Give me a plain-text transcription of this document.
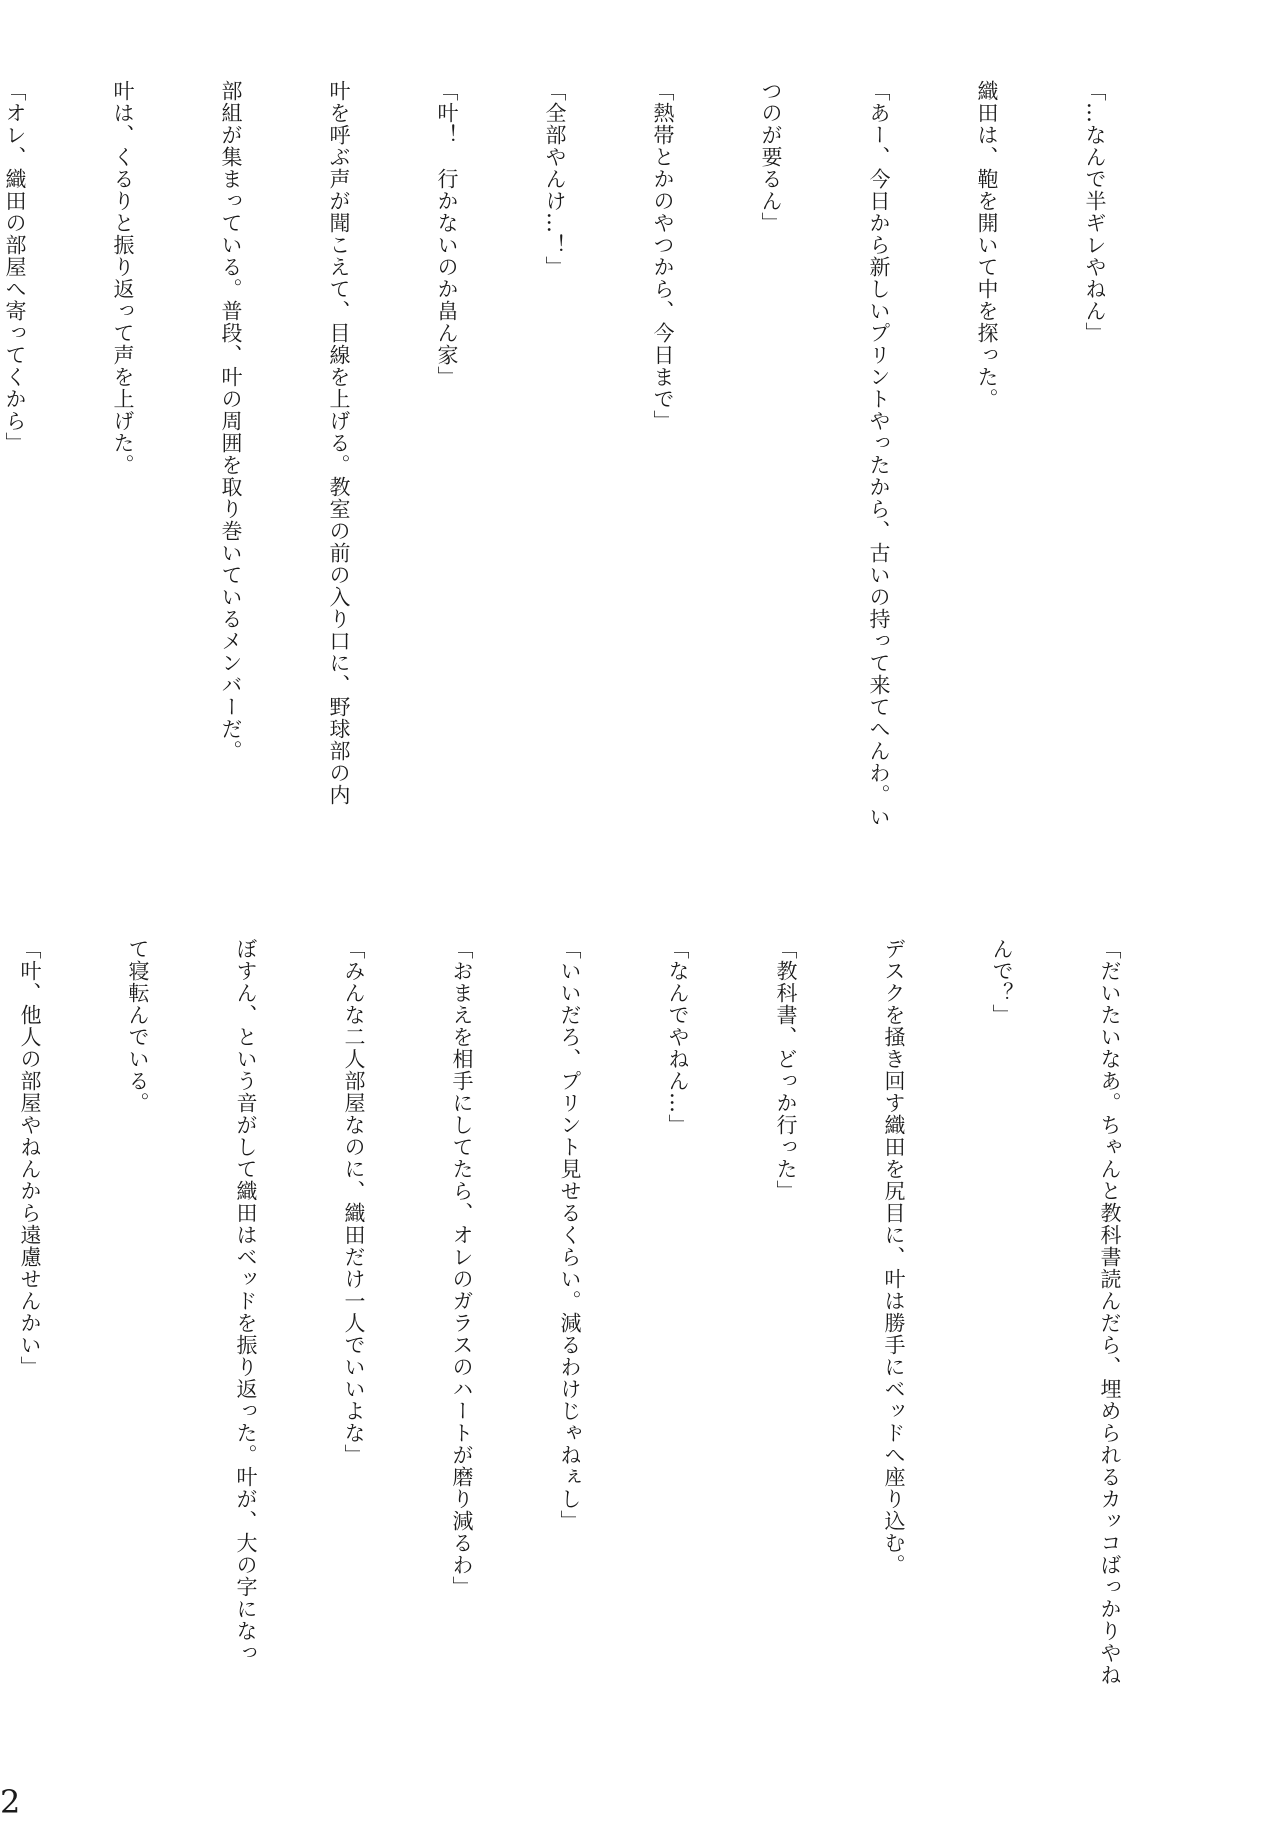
「…なんで半ギレやねん」

織田は、鞄を開いて中を探った。

「あー、今日から新しいプリントやったから、古いの持って来てへんわ。い

つのが要るん」

「熱帯とかのやつから、今日まで」

「全部やんけ…！」

「叶！　行かないのか畠ん家」

叶を呼ぶ声が聞こえて、目線を上げる。教室の前の入り口に、野球部の内

部組が集まっている。普段、叶の周囲を取り巻いているメンバーだ。

叶は、くるりと振り返って声を上げた。

「オレ、織田の部屋へ寄ってくから」

「だいたいなあ。ちゃんと教科書読んだら、埋められるカッコばっかりやね

んで？」

デスクを掻き回す織田を尻目に、叶は勝手にベッドへ座り込む。

「教科書、どっか行った」

「なんでやねん…」

「いいだろ、プリント見せるくらい。減るわけじゃねぇし」

「おまえを相手にしてたら、オレのガラスのハートが磨り減るわ」

「みんな二人部屋なのに、織田だけ一人でいいよな」

ぼすん、という音がして織田はベッドを振り返った。叶が、大の字になっ

て寝転んでいる。

「叶、他人の部屋やねんから遠慮せんかい」

2
